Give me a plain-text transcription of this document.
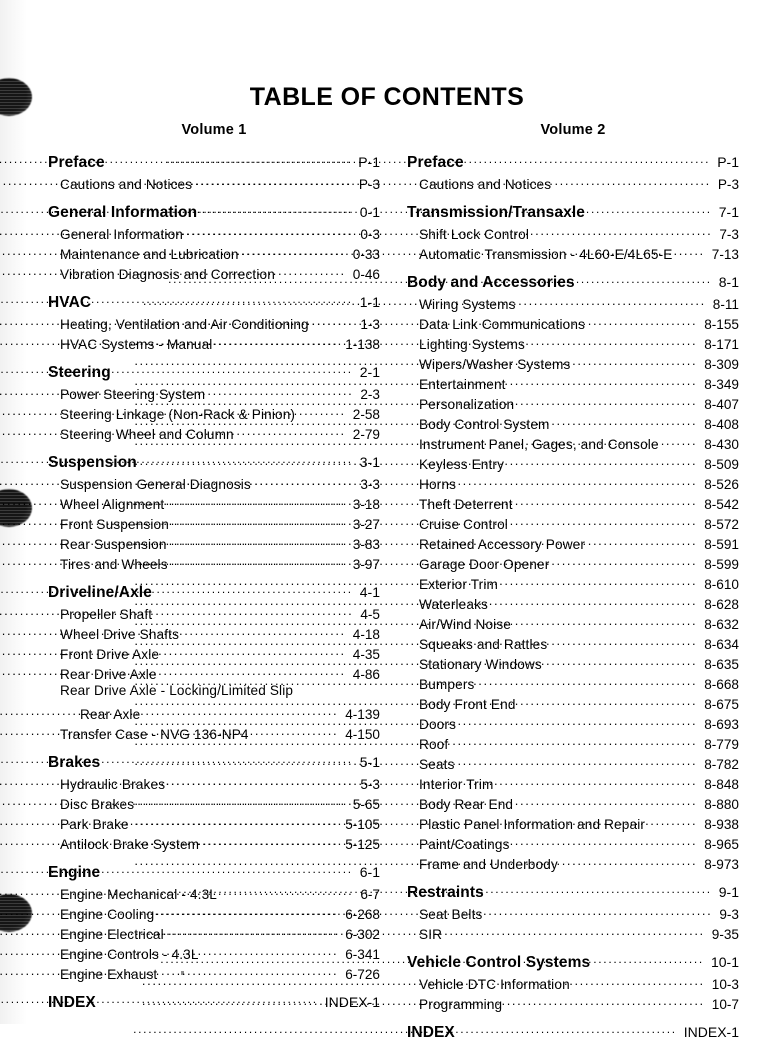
TABLE OF CONTENTS
Volume 1
Preface .....	P-1
Cautions and Notices .....	P-3
General Information .....	0-1
General Information .....	0-3
Maintenance and Lubrication .....	0-33
Vibration Diagnosis and Correction .....	0-46
HVAC .....	1-1
Heating, Ventilation and Air Conditioning .....	1-3
HVAC Systems - Manual .....	1-138
Steering .....	2-1
Power Steering System .....	2-3
Steering Linkage (Non-Rack & Pinion) .....	2-58
Steering Wheel and Column .....	2-79
Suspension .....	3-1
Suspension General Diagnosis .....	3-3
Wheel Alignment .....	3-18
Front Suspension .....	3-27
Rear Suspension .....	3-83
Tires and Wheels .....	3-97
Driveline/Axle .....	4-1
Propeller Shaft .....	4-5
Wheel Drive Shafts .....	4-18
Front Drive Axle .....	4-35
Rear Drive Axle .....	4-86
Rear Drive Axle - Locking/Limited Slip
Rear Axle .....	4-139
Transfer Case - NVG 136-NP4 .....	4-150
Brakes .....	5-1
Hydraulic Brakes .....	5-3
Disc Brakes .....	5-65
Park Brake .....	5-105
Antilock Brake System .....	5-125
Engine .....	6-1
Engine Mechanical - 4.3L .....	6-7
Engine Cooling .....	6-268
Engine Electrical .....	6-302
Engine Controls - 4.3L .....	6-341
Engine Exhaust .....	6-726
INDEX .....	INDEX-1
Volume 2
Preface .....	P-1
Cautions and Notices .....	P-3
Transmission/Transaxle .....	7-1
Shift Lock Control .....	7-3
Automatic Transmission - 4L60-E/4L65-E .....	7-13
Body and Accessories .....	8-1
Wiring Systems .....	8-11
Data Link Communications .....	8-155
Lighting Systems .....	8-171
Wipers/Washer Systems .....	8-309
Entertainment .....	8-349
Personalization .....	8-407
Body Control System .....	8-408
Instrument Panel, Gages, and Console .....	8-430
Keyless Entry .....	8-509
Horns .....	8-526
Theft Deterrent .....	8-542
Cruise Control .....	8-572
Retained Accessory Power .....	8-591
Garage Door Opener .....	8-599
Exterior Trim .....	8-610
Waterleaks .....	8-628
Air/Wind Noise .....	8-632
Squeaks and Rattles .....	8-634
Stationary Windows .....	8-635
Bumpers .....	8-668
Body Front End .....	8-675
Doors .....	8-693
Roof .....	8-779
Seats .....	8-782
Interior Trim .....	8-848
Body Rear End .....	8-880
Plastic Panel Information and Repair .....	8-938
Paint/Coatings .....	8-965
Frame and Underbody .....	8-973
Restraints .....	9-1
Seat Belts .....	9-3
SIR .....	9-35
Vehicle Control Systems .....	10-1
Vehicle DTC Information .....	10-3
Programming .....	10-7
INDEX .....	INDEX-1
